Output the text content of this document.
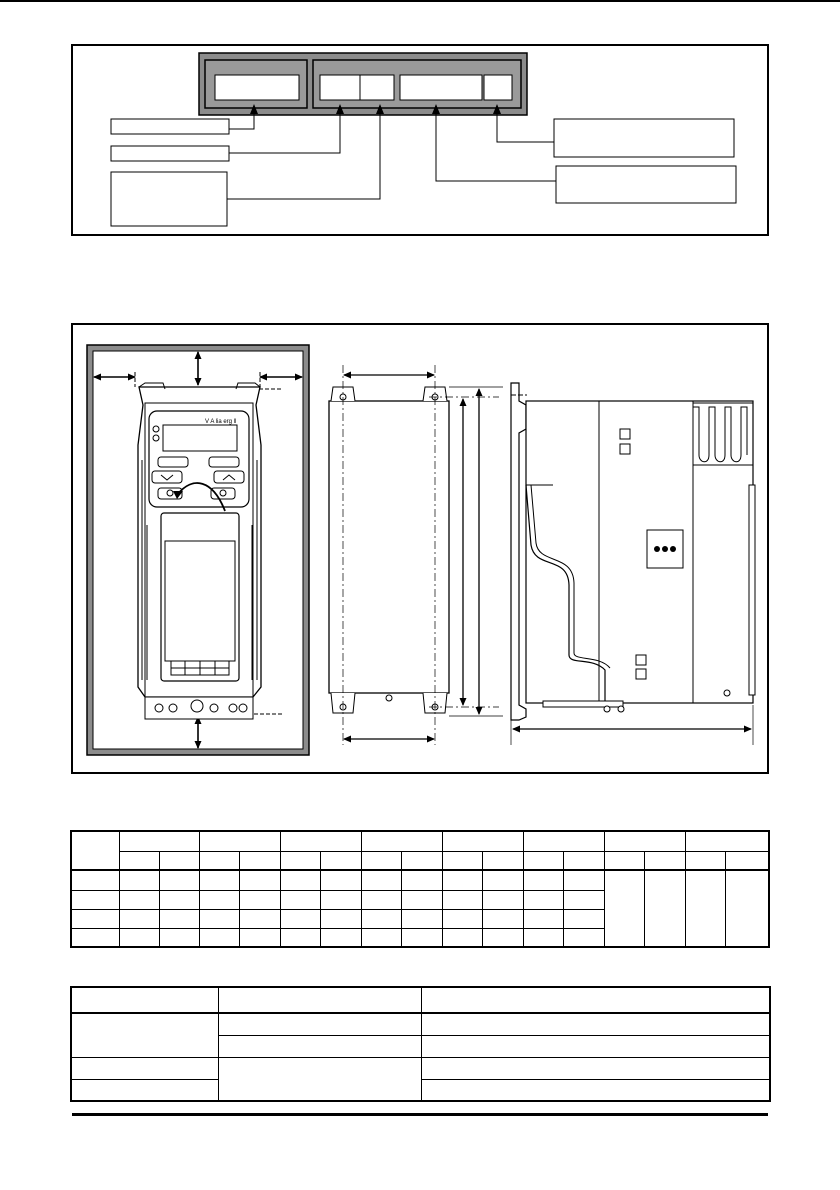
V A lia erg ll
